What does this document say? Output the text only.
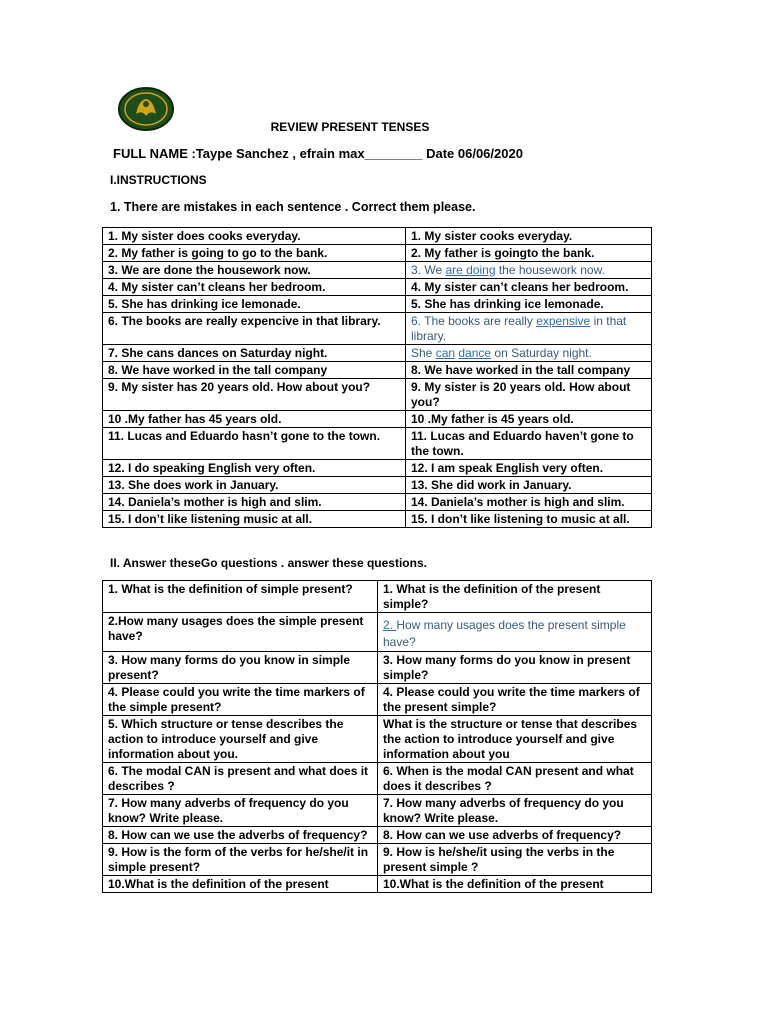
REVIEW PRESENT TENSES
FULL NAME :Taype Sanchez , efrain max________ Date 06/06/2020
I.INSTRUCTIONS
1. There are mistakes in each sentence . Correct them please.
1. My sister does cooks everyday.	1. My sister cooks everyday.
2. My father is going to go to the bank.	2. My father is goingto the bank.
3. We are done the housework now.	3. We are doing the housework now.
4. My sister can’t cleans her bedroom.	4. My sister can’t cleans her bedroom.
5. She has drinking ice lemonade.	5. She has drinking ice lemonade.
6. The books are really expencive in that library.	6. The books are really expensive in that library.
7. She cans dances on Saturday night.	She can dance on Saturday night.
8. We have worked in the tall company	8. We have worked in the tall company
9. My sister has 20 years old. How about you?	9. My sister is 20 years old. How about you?
10 .My father has 45 years old.	10 .My father is 45 years old.
11. Lucas and Eduardo hasn’t gone to the town.	11. Lucas and Eduardo haven’t gone to the town.
12. I do speaking English very often.	12. I am speak English very often.
13. She does work in January.	13. She did work in January.
14. Daniela’s mother is high and slim.	14. Daniela’s mother is high and slim.
15. I don’t like listening music at all.	15. I don’t like listening to music at all.
II. Answer theseGo questions . answer these questions.
1. What is the definition of simple present?	1. What is the definition of the present simple?
2.How many usages does the simple present have?	2. How many usages does the present simple have?
3. How many forms do you know in simple present?	3. How many forms do you know in present simple?
4. Please could you write the time markers of the simple present?	4. Please could you write the time markers of the present simple?
5. Which structure or tense describes the action to introduce yourself and give information about you.	What is the structure or tense that describes the action to introduce yourself and give information about you
6. The modal CAN is present and what does it describes ?	6. When is the modal CAN present and what does it describes ?
7. How many adverbs of frequency do you know? Write please.	7. How many adverbs of frequency do you know? Write please.
8. How can we use the adverbs of frequency?	8. How can we use adverbs of frequency?
9. How is the form of the verbs for he/she/it in simple present?	9. How is he/she/it using the verbs in the present simple ?
10.What is the definition of the present	10.What is the definition of the present
